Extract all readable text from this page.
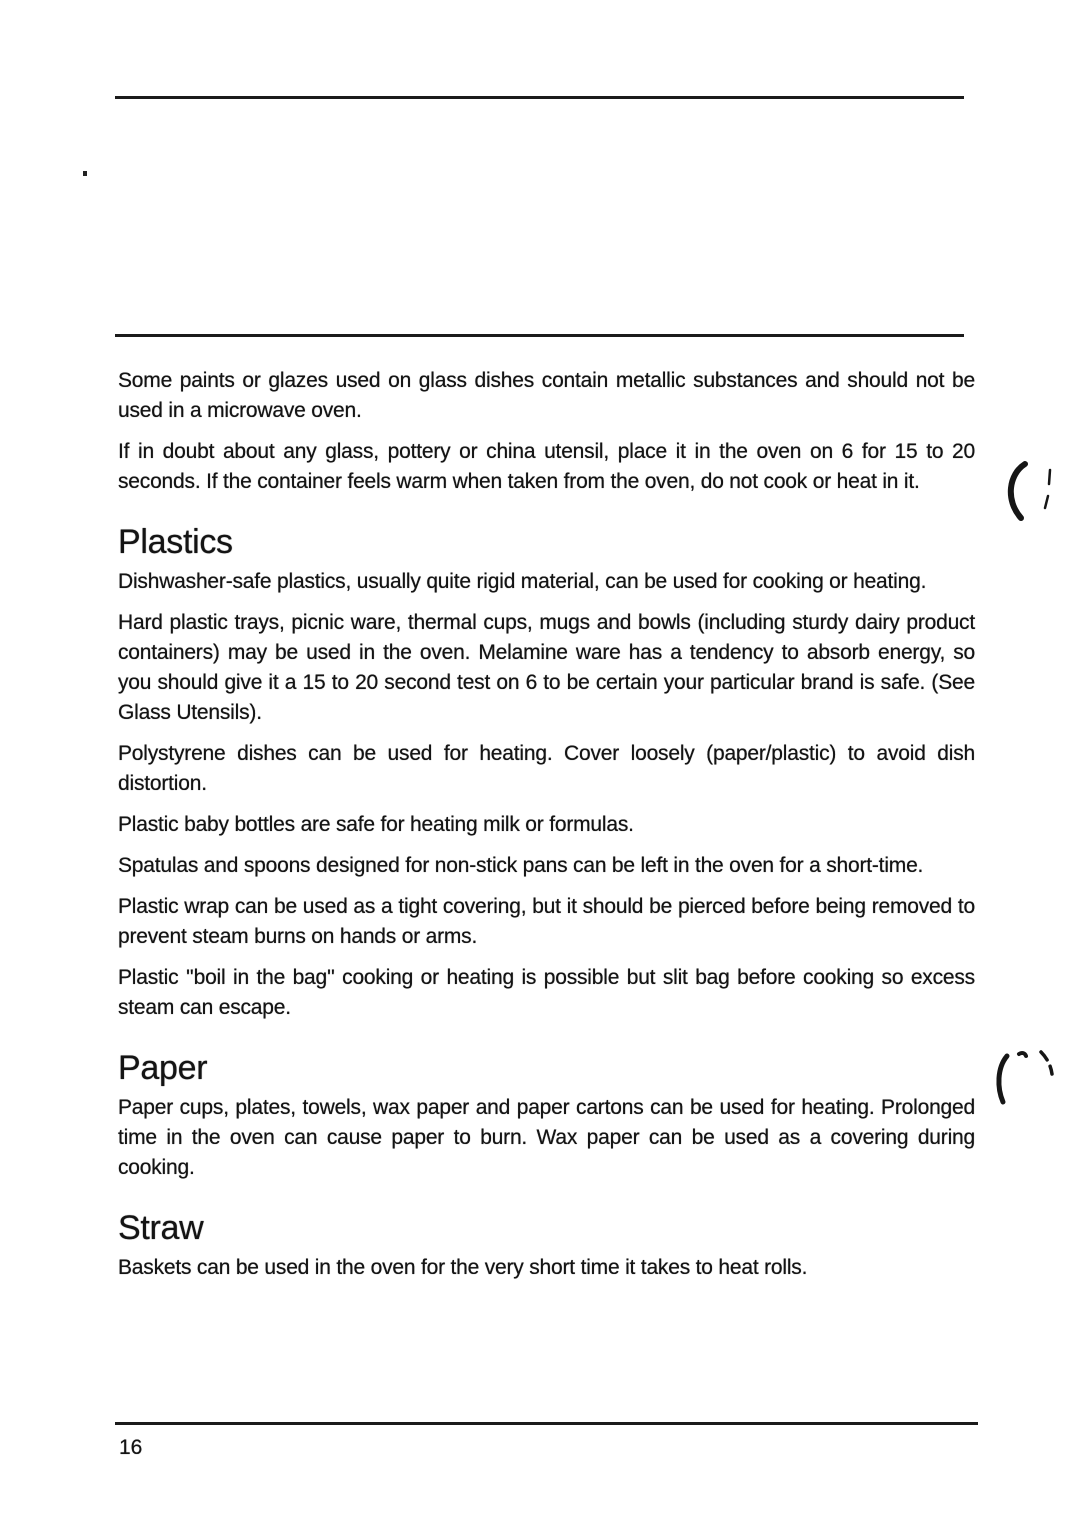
Some paints or glazes used on glass dishes contain metallic substances and should not be used in a microwave oven.

If in doubt about any glass, pottery or china utensil, place it in the oven on 6 for 15 to 20 seconds. If the container feels warm when taken from the oven, do not cook or heat in it.

Plastics

Dishwasher-safe plastics, usually quite rigid material, can be used for cooking or heating.

Hard plastic trays, picnic ware, thermal cups, mugs and bowls (including sturdy dairy product containers) may be used in the oven. Melamine ware has a tendency to absorb energy, so you should give it a 15 to 20 second test on 6 to be certain your particular brand is safe. (See Glass Utensils).

Polystyrene dishes can be used for heating. Cover loosely (paper/plastic) to avoid dish distortion.

Plastic baby bottles are safe for heating milk or formulas.

Spatulas and spoons designed for non-stick pans can be left in the oven for a short-time.

Plastic wrap can be used as a tight covering, but it should be pierced before being removed to prevent steam burns on hands or arms.

Plastic ''boil in the bag'' cooking or heating is possible but slit bag before cooking so excess steam can escape.

Paper

Paper cups, plates, towels, wax paper and paper cartons can be used for heating. Prolonged time in the oven can cause paper to burn. Wax paper can be used as a covering during cooking.

Straw

Baskets can be used in the oven for the very short time it takes to heat rolls.

16
